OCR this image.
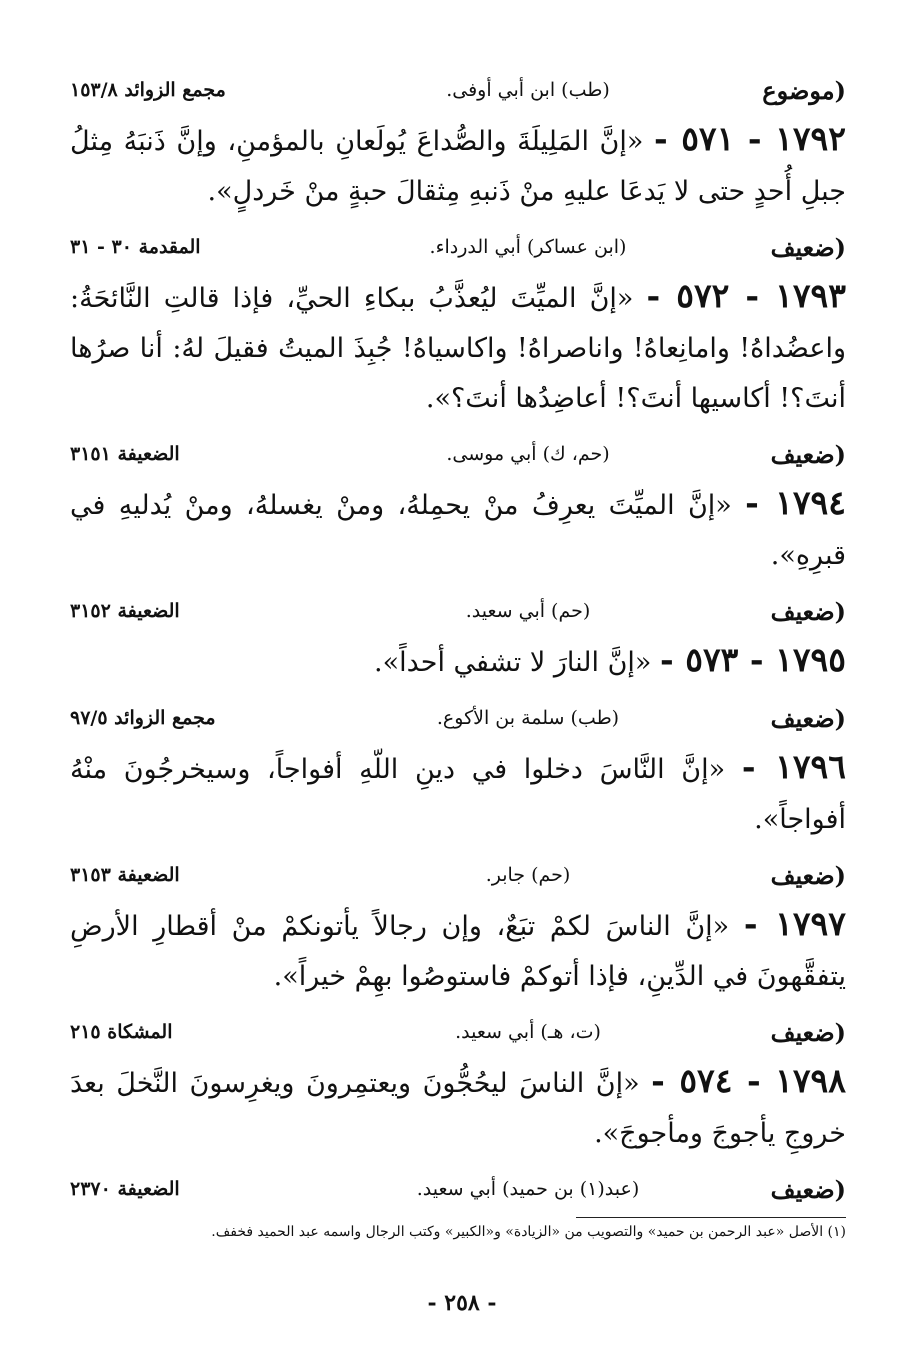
(موضوع
(طب) ابن أبي أوفى.
مجمع الزوائد ١٥٣/٨
١٧٩٢ - ٥٧١ - «إنَّ المَلِيلَةَ والصُّداعَ يُولَعانِ بالمؤمنِ، وإنَّ ذَنبَهُ مِثلُ جبلِ أُحدٍ حتى لا يَدعَا عليهِ منْ ذَنبهِ مِثقالَ حبةٍ منْ خَردلٍ».
(ضعيف
(ابن عساكر) أبي الدرداء.
المقدمة ٣٠ - ٣١
١٧٩٣ - ٥٧٢ - «إنَّ الميِّتَ ليُعذَّبُ ببكاءِ الحيِّ، فإذا قالتِ النَّائحَةُ: واعضُداهُ! وامانِعاهُ! واناصراهُ! واكاسياهُ! جُبِذَ الميتُ فقيلَ لهُ: أنا صرُها أنتَ؟! أكاسيها أنتَ؟! أعاضِدُها أنتَ؟».
(ضعيف
(حم، ك) أبي موسى.
الضعيفة ٣١٥١
١٧٩٤ - «إنَّ الميِّتَ يعرِفُ منْ يحمِلهُ، ومنْ يغسلهُ، ومنْ يُدليهِ في قبرِهِ».
(ضعيف
(حم) أبي سعيد.
الضعيفة ٣١٥٢
١٧٩٥ - ٥٧٣ - «إنَّ النارَ لا تشفي أحداً».
(ضعيف
(طب) سلمة بن الأكوع.
مجمع الزوائد ٩٧/٥
١٧٩٦ - «إنَّ النَّاسَ دخلوا في دينِ اللّهِ أفواجاً، وسيخرجُونَ منْهُ أفواجاً».
(ضعيف
(حم) جابر.
الضعيفة ٣١٥٣
١٧٩٧ - «إنَّ الناسَ لكمْ تبَعٌ، وإن رجالاً يأتونكمْ منْ أقطارِ الأرضِ يتفقَّهونَ في الدِّينِ، فإذا أتوكمْ فاستوصُوا بهِمْ خيراً».
(ضعيف
(ت، هـ) أبي سعيد.
المشكاة ٢١٥
١٧٩٨ - ٥٧٤ - «إنَّ الناسَ ليحُجُّونَ ويعتمِرونَ ويغرِسونَ النَّخلَ بعدَ خروجِ يأجوجَ ومأجوجَ».
(ضعيف
(عبد(١) بن حميد) أبي سعيد.
الضعيفة ٢٣٧٠
(١) الأصل «عبد الرحمن بن حميد» والتصويب من «الزيادة» و«الكبير» وكتب الرجال واسمه عبد الحميد فخفف.
- ٢٥٨ -
